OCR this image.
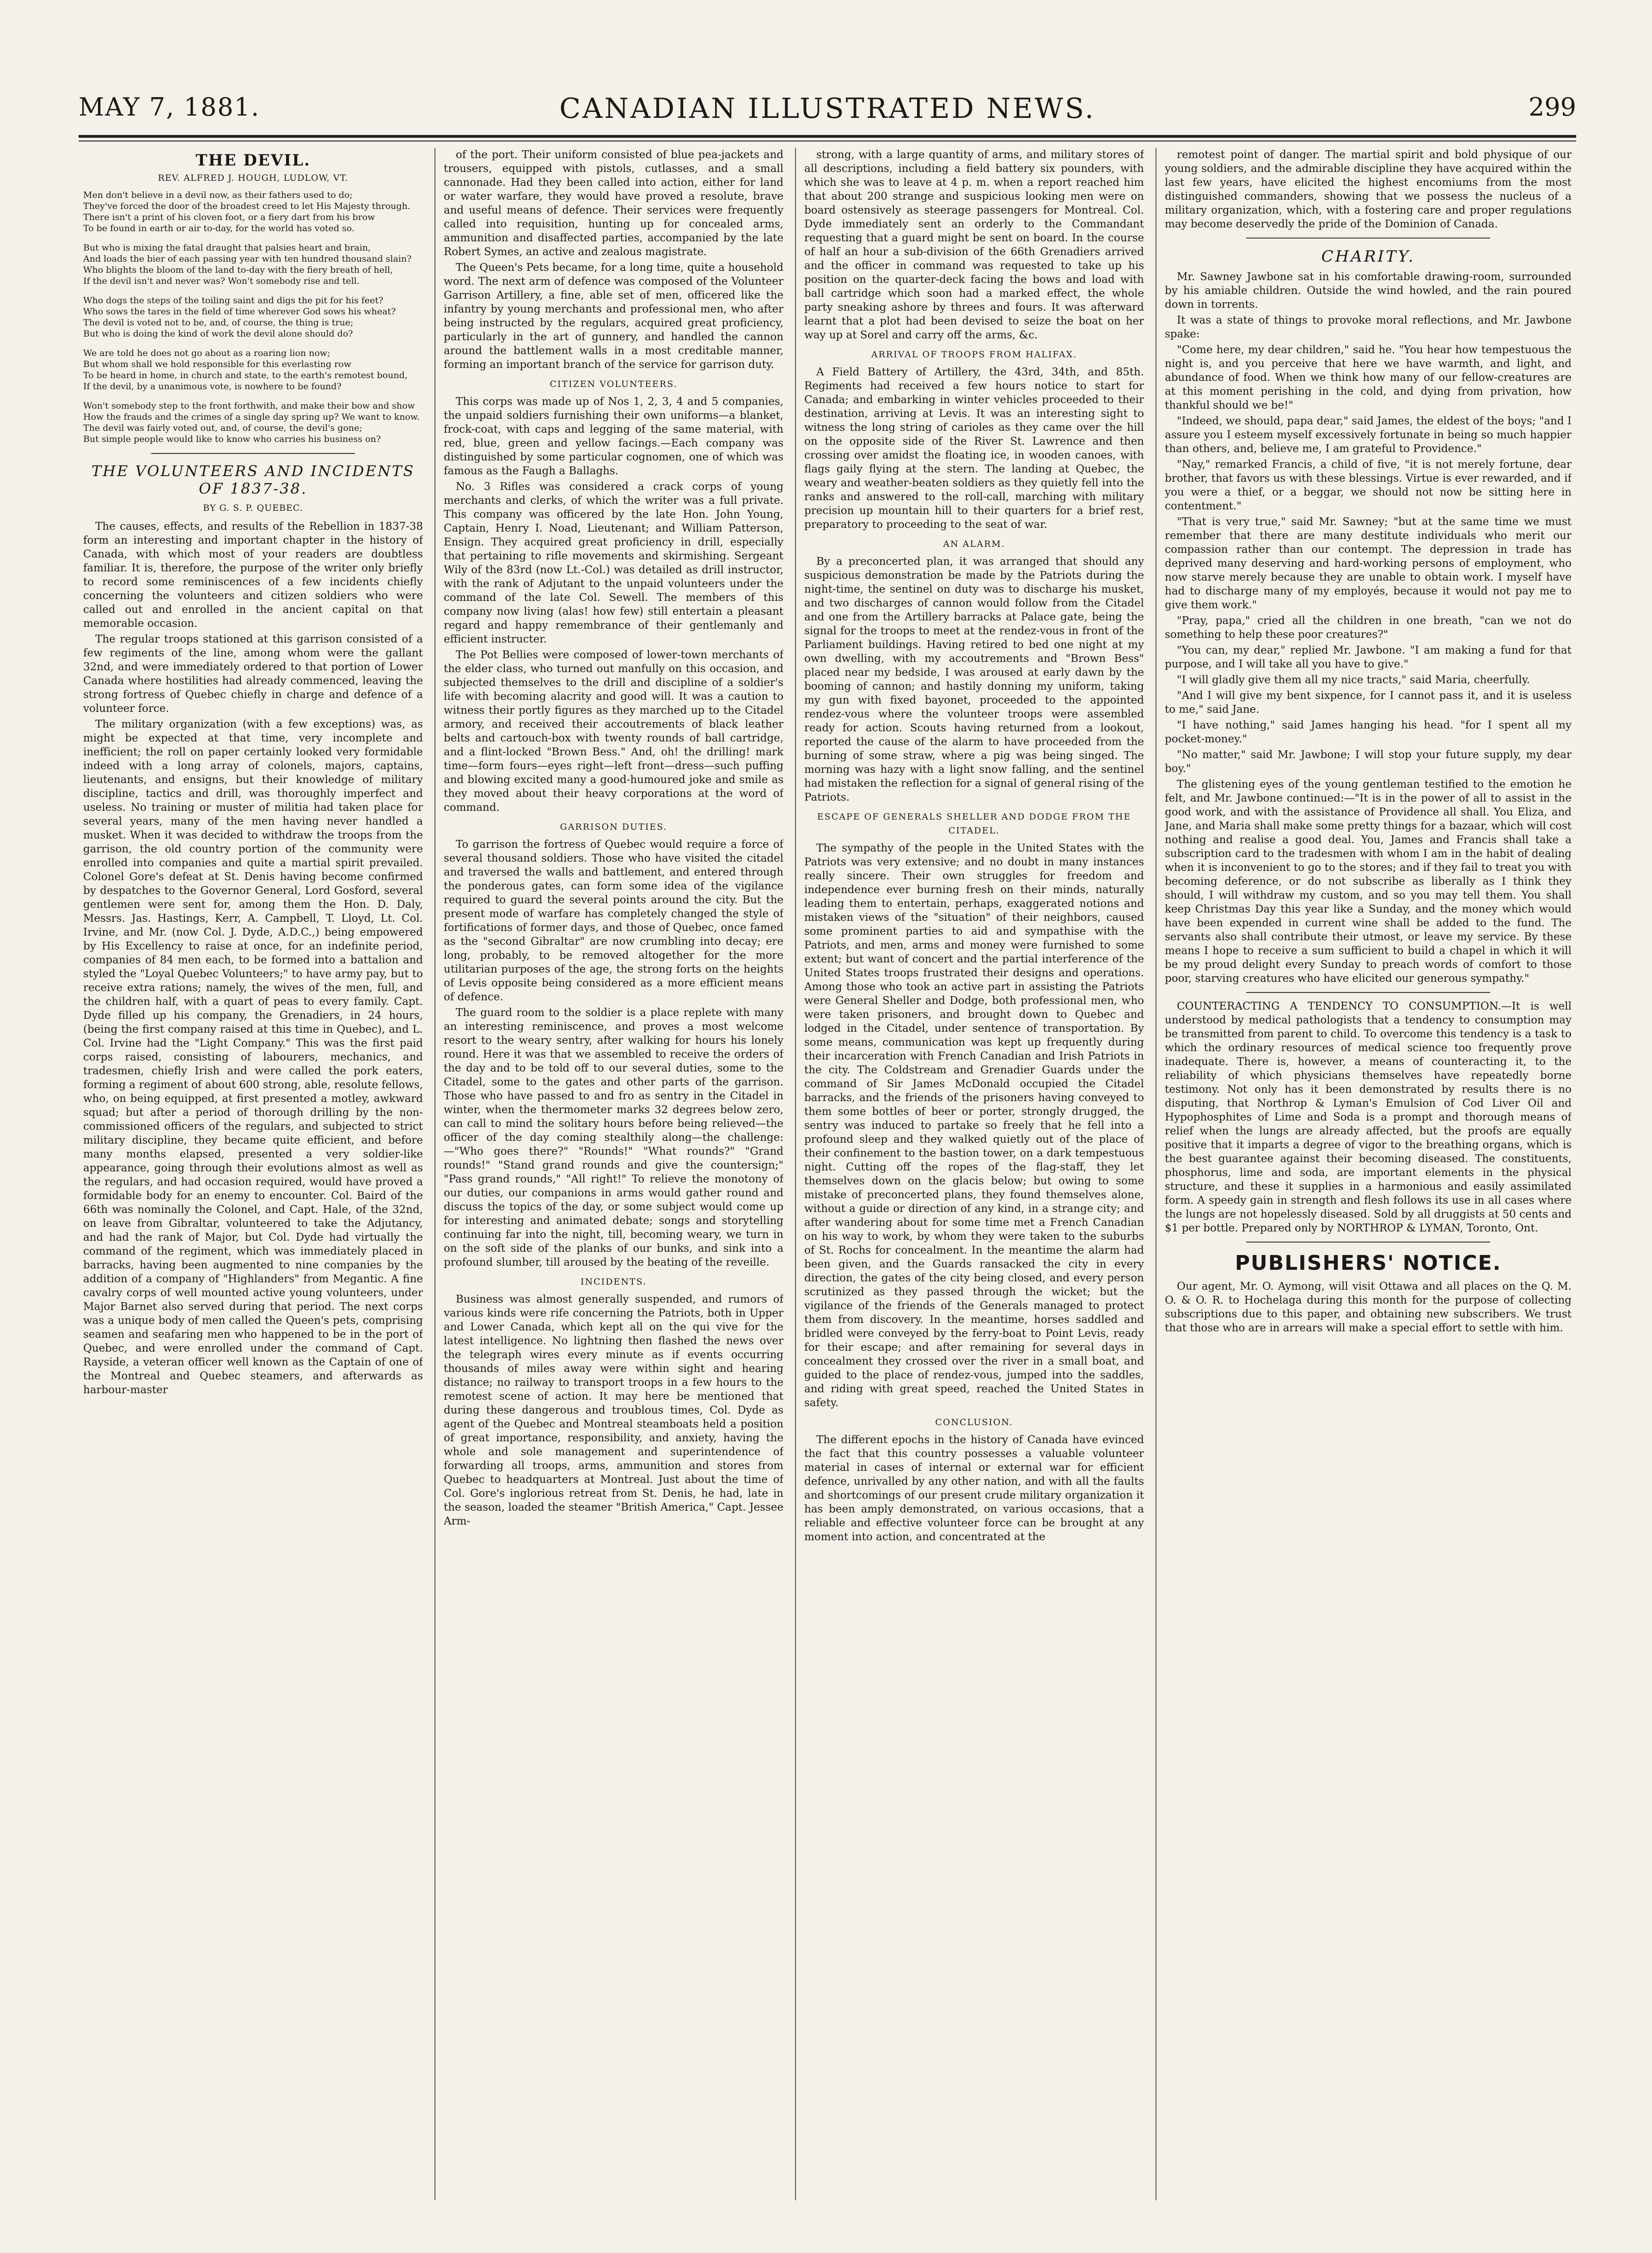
MAY 7, 1881.	CANADIAN ILLUSTRATED NEWS.	299
THE DEVIL.
REV. ALFRED J. HOUGH, LUDLOW, VT.
Men don't believe in a devil now, as their fathers used to do;
They've forced the door of the broadest creed to let His Majesty through.
There isn't a print of his cloven foot, or a fiery dart from his brow
To be found in earth or air to-day, for the world has voted so.
But who is mixing the fatal draught that palsies heart and brain,
And loads the bier of each passing year with ten hundred thousand slain?
Who blights the bloom of the land to-day with the fiery breath of hell,
If the devil isn't and never was? Won't somebody rise and tell.
Who dogs the steps of the toiling saint and digs the pit for his feet?
Who sows the tares in the field of time wherever God sows his wheat?
The devil is voted not to be, and, of course, the thing is true;
But who is doing the kind of work the devil alone should do?
We are told he does not go about as a roaring lion now;
But whom shall we hold responsible for this everlasting row
To be heard in home, in church and state, to the earth's remotest bound,
If the devil, by a unanimous vote, is nowhere to be found?
Won't somebody step to the front forthwith, and make their bow and show
How the frauds and the crimes of a single day spring up? We want to know.
The devil was fairly voted out, and, of course, the devil's gone;
But simple people would like to know who carries his business on?
THE VOLUNTEERS AND INCIDENTS OF 1837-38.
BY G. S. P. QUEBEC.

The causes, effects, and results of the Rebellion in 1837-38 form an interesting and important chapter in the history of Canada, with which most of your readers are doubtless familiar. It is, therefore, the purpose of the writer only briefly to record some reminiscences of a few incidents chiefly concerning the volunteers and citizen soldiers who were called out and enrolled in the ancient capital on that memorable occasion.

The regular troops stationed at this garrison consisted of a few regiments of the line, among whom were the gallant 32nd, and were immediately ordered to that portion of Lower Canada where hostilities had already commenced, leaving the strong fortress of Quebec chiefly in charge and defence of a volunteer force.

The military organization (with a few exceptions) was, as might be expected at that time, very incomplete and inefficient; the roll on paper certainly looked very formidable indeed with a long array of colonels, majors, captains, lieutenants, and ensigns, but their knowledge of military discipline, tactics and drill, was thoroughly imperfect and useless. No training or muster of militia had taken place for several years, many of the men having never handled a musket. When it was decided to withdraw the troops from the garrison, the old country portion of the community were enrolled into companies and quite a martial spirit prevailed. Colonel Gore's defeat at St. Denis having become confirmed by despatches to the Governor General, Lord Gosford, several gentlemen were sent for, among them the Hon. D. Daly, Messrs. Jas. Hastings, Kerr, A. Campbell, T. Lloyd, Lt. Col. Irvine, and Mr. (now Col. J. Dyde, A.D.C.,) being empowered by His Excellency to raise at once, for an indefinite period, companies of 84 men each, to be formed into a battalion and styled the "Loyal Quebec Volunteers;" to have army pay, but to receive extra rations; namely, the wives of the men, full, and the children half, with a quart of peas to every family. Capt. Dyde filled up his company, the Grenadiers, in 24 hours, (being the first company raised at this time in Quebec), and L. Col. Irvine had the "Light Company." This was the first paid corps raised, consisting of labourers, mechanics, and tradesmen, chiefly Irish and were called the pork eaters, forming a regiment of about 600 strong, able, resolute fellows, who, on being equipped, at first presented a motley, awkward squad; but after a period of thorough drilling by the non-commissioned officers of the regulars, and subjected to strict military discipline, they became quite efficient, and before many months elapsed, presented a very soldier-like appearance, going through their evolutions almost as well as the regulars, and had occasion required, would have proved a formidable body for an enemy to encounter. Col. Baird of the 66th was nominally the Colonel, and Capt. Hale, of the 32nd, on leave from Gibraltar, volunteered to take the Adjutancy, and had the rank of Major, but Col. Dyde had virtually the command of the regiment, which was immediately placed in barracks, having been augmented to nine companies by the addition of a company of "Highlanders" from Megantic. A fine cavalry corps of well mounted active young volunteers, under Major Barnet also served during that period. The next corps was a unique body of men called the Queen's pets, comprising seamen and seafaring men who happened to be in the port of Quebec, and were enrolled under the command of Capt. Rayside, a veteran officer well known as the Captain of one of the Montreal and Quebec steamers, and afterwards as harbour-master

of the port. Their uniform consisted of blue pea-jackets and trousers, equipped with pistols, cutlasses, and a small cannonade. Had they been called into action, either for land or water warfare, they would have proved a resolute, brave and useful means of defence. Their services were frequently called into requisition, hunting up for concealed arms, ammunition and disaffected parties, accompanied by the late Robert Symes, an active and zealous magistrate.

The Queen's Pets became, for a long time, quite a household word. The next arm of defence was composed of the Volunteer Garrison Artillery, a fine, able set of men, officered like the infantry by young merchants and professional men, who after being instructed by the regulars, acquired great proficiency, particularly in the art of gunnery, and handled the cannon around the battlement walls in a most creditable manner, forming an important branch of the service for garrison duty.

CITIZEN VOLUNTEERS.

This corps was made up of Nos 1, 2, 3, 4 and 5 companies, the unpaid soldiers furnishing their own uniforms—a blanket, frock-coat, with caps and legging of the same material, with red, blue, green and yellow facings.—Each company was distinguished by some particular cognomen, one of which was famous as the Faugh a Ballaghs.

No. 3 Rifles was considered a crack corps of young merchants and clerks, of which the writer was a full private. This company was officered by the late Hon. John Young, Captain, Henry I. Noad, Lieutenant; and William Patterson, Ensign. They acquired great proficiency in drill, especially that pertaining to rifle movements and skirmishing. Sergeant Wily of the 83rd (now Lt.-Col.) was detailed as drill instructor, with the rank of Adjutant to the unpaid volunteers under the command of the late Col. Sewell. The members of this company now living (alas! how few) still entertain a pleasant regard and happy remembrance of their gentlemanly and efficient instructer.

The Pot Bellies were composed of lower-town merchants of the elder class, who turned out manfully on this occasion, and subjected themselves to the drill and discipline of a soldier's life with becoming alacrity and good will. It was a caution to witness their portly figures as they marched up to the Citadel armory, and received their accoutrements of black leather belts and cartouch-box with twenty rounds of ball cartridge, and a flint-locked "Brown Bess." And, oh! the drilling! mark time—form fours—eyes right—left front—dress—such puffing and blowing excited many a good-humoured joke and smile as they moved about their heavy corporations at the word of command.

GARRISON DUTIES.

To garrison the fortress of Quebec would require a force of several thousand soldiers. Those who have visited the citadel and traversed the walls and battlement, and entered through the ponderous gates, can form some idea of the vigilance required to guard the several points around the city. But the present mode of warfare has completely changed the style of fortifications of former days, and those of Quebec, once famed as the "second Gibraltar" are now crumbling into decay; ere long, probably, to be removed altogether for the more utilitarian purposes of the age, the strong forts on the heights of Levis opposite being considered as a more efficient means of defence.

The guard room to the soldier is a place replete with many an interesting reminiscence, and proves a most welcome resort to the weary sentry, after walking for hours his lonely round. Here it was that we assembled to receive the orders of the day and to be told off to our several duties, some to the Citadel, some to the gates and other parts of the garrison. Those who have passed to and fro as sentry in the Citadel in winter, when the thermometer marks 32 degrees below zero, can call to mind the solitary hours before being relieved—the officer of the day coming stealthily along—the challenge:—"Who goes there?" "Rounds!" "What rounds?" "Grand rounds!" "Stand grand rounds and give the countersign;" "Pass grand rounds," "All right!" To relieve the monotony of our duties, our companions in arms would gather round and discuss the topics of the day, or some subject would come up for interesting and animated debate; songs and storytelling continuing far into the night, till, becoming weary, we turn in on the soft side of the planks of our bunks, and sink into a profound slumber, till aroused by the beating of the reveille.

INCIDENTS.

Business was almost generally suspended, and rumors of various kinds were rife concerning the Patriots, both in Upper and Lower Canada, which kept all on the qui vive for the latest intelligence. No lightning then flashed the news over the telegraph wires every minute as if events occurring thousands of miles away were within sight and hearing distance; no railway to transport troops in a few hours to the remotest scene of action. It may here be mentioned that during these dangerous and troublous times, Col. Dyde as agent of the Quebec and Montreal steamboats held a position of great importance, responsibility, and anxiety, having the whole and sole management and superintendence of forwarding all troops, arms, ammunition and stores from Quebec to headquarters at Montreal. Just about the time of Col. Gore's inglorious retreat from St. Denis, he had, late in the season, loaded the steamer "British America," Capt. Jessee Arm-

strong, with a large quantity of arms, and military stores of all descriptions, including a field battery six pounders, with which she was to leave at 4 p. m. when a report reached him that about 200 strange and suspicious looking men were on board ostensively as steerage passengers for Montreal. Col. Dyde immediately sent an orderly to the Commandant requesting that a guard might be sent on board. In the course of half an hour a sub-division of the 66th Grenadiers arrived and the officer in command was requested to take up his position on the quarter-deck facing the bows and load with ball cartridge which soon had a marked effect, the whole party sneaking ashore by threes and fours. It was afterward learnt that a plot had been devised to seize the boat on her way up at Sorel and carry off the arms, &c.

ARRIVAL OF TROOPS FROM HALIFAX.

A Field Battery of Artillery, the 43rd, 34th, and 85th. Regiments had received a few hours notice to start for Canada; and embarking in winter vehicles proceeded to their destination, arriving at Levis. It was an interesting sight to witness the long string of carioles as they came over the hill on the opposite side of the River St. Lawrence and then crossing over amidst the floating ice, in wooden canoes, with flags gaily flying at the stern. The landing at Quebec, the weary and weather-beaten soldiers as they quietly fell into the ranks and answered to the roll-call, marching with military precision up mountain hill to their quarters for a brief rest, preparatory to proceeding to the seat of war.

AN ALARM.

By a preconcerted plan, it was arranged that should any suspicious demonstration be made by the Patriots during the night-time, the sentinel on duty was to discharge his musket, and two discharges of cannon would follow from the Citadel and one from the Artillery barracks at Palace gate, being the signal for the troops to meet at the rendez-vous in front of the Parliament buildings. Having retired to bed one night at my own dwelling, with my accoutrements and "Brown Bess" placed near my bedside, I was aroused at early dawn by the booming of cannon; and hastily donning my uniform, taking my gun with fixed bayonet, proceeded to the appointed rendez-vous where the volunteer troops were assembled ready for action. Scouts having returned from a lookout, reported the cause of the alarm to have proceeded from the burning of some straw, where a pig was being singed. The morning was hazy with a light snow falling, and the sentinel had mistaken the reflection for a signal of general rising of the Patriots.

ESCAPE OF GENERALS SHELLER AND DODGE FROM THE CITADEL.

The sympathy of the people in the United States with the Patriots was very extensive; and no doubt in many instances really sincere. Their own struggles for freedom and independence ever burning fresh on their minds, naturally leading them to entertain, perhaps, exaggerated notions and mistaken views of the "situation" of their neighbors, caused some prominent parties to aid and sympathise with the Patriots, and men, arms and money were furnished to some extent; but want of concert and the partial interference of the United States troops frustrated their designs and operations. Among those who took an active part in assisting the Patriots were General Sheller and Dodge, both professional men, who were taken prisoners, and brought down to Quebec and lodged in the Citadel, under sentence of transportation. By some means, communication was kept up frequently during their incarceration with French Canadian and Irish Patriots in the city. The Coldstream and Grenadier Guards under the command of Sir James McDonald occupied the Citadel barracks, and the friends of the prisoners having conveyed to them some bottles of beer or porter, strongly drugged, the sentry was induced to partake so freely that he fell into a profound sleep and they walked quietly out of the place of their confinement to the bastion tower, on a dark tempestuous night. Cutting off the ropes of the flag-staff, they let themselves down on the glacis below; but owing to some mistake of preconcerted plans, they found themselves alone, without a guide or direction of any kind, in a strange city; and after wandering about for some time met a French Canadian on his way to work, by whom they were taken to the suburbs of St. Rochs for concealment. In the meantime the alarm had been given, and the Guards ransacked the city in every direction, the gates of the city being closed, and every person scrutinized as they passed through the wicket; but the vigilance of the friends of the Generals managed to protect them from discovery. In the meantime, horses saddled and bridled were conveyed by the ferry-boat to Point Levis, ready for their escape; and after remaining for several days in concealment they crossed over the river in a small boat, and guided to the place of rendez-vous, jumped into the saddles, and riding with great speed, reached the United States in safety.

CONCLUSION.

The different epochs in the history of Canada have evinced the fact that this country possesses a valuable volunteer material in cases of internal or external war for efficient defence, unrivalled by any other nation, and with all the faults and shortcomings of our present crude military organization it has been amply demonstrated, on various occasions, that a reliable and effective volunteer force can be brought at any moment into action, and concentrated at the

remotest point of danger. The martial spirit and bold physique of our young soldiers, and the admirable discipline they have acquired within the last few years, have elicited the highest encomiums from the most distinguished commanders, showing that we possess the nucleus of a military organization, which, with a fostering care and proper regulations may become deservedly the pride of the Dominion of Canada.

CHARITY.

Mr. Sawney Jawbone sat in his comfortable drawing-room, surrounded by his amiable children. Outside the wind howled, and the rain poured down in torrents.

It was a state of things to provoke moral reflections, and Mr. Jawbone spake:

"Come here, my dear children," said he. "You hear how tempestuous the night is, and you perceive that here we have warmth, and light, and abundance of food. When we think how many of our fellow-creatures are at this moment perishing in the cold, and dying from privation, how thankful should we be!"

"Indeed, we should, papa dear," said James, the eldest of the boys; "and I assure you I esteem myself excessively fortunate in being so much happier than others, and, believe me, I am grateful to Providence."

"Nay," remarked Francis, a child of five, "it is not merely fortune, dear brother, that favors us with these blessings. Virtue is ever rewarded, and if you were a thief, or a beggar, we should not now be sitting here in contentment."

"That is very true," said Mr. Sawney; "but at the same time we must remember that there are many destitute individuals who merit our compassion rather than our contempt. The depression in trade has deprived many deserving and hard-working persons of employment, who now starve merely because they are unable to obtain work. I myself have had to discharge many of my employés, because it would not pay me to give them work."

"Pray, papa," cried all the children in one breath, "can we not do something to help these poor creatures?"

"You can, my dear," replied Mr. Jawbone. "I am making a fund for that purpose, and I will take all you have to give."

"I will gladly give them all my nice tracts," said Maria, cheerfully.

"And I will give my bent sixpence, for I cannot pass it, and it is useless to me," said Jane.

"I have nothing," said James hanging his head. "for I spent all my pocket-money."

"No matter," said Mr. Jawbone; I will stop your future supply, my dear boy."

The glistening eyes of the young gentleman testified to the emotion he felt, and Mr. Jawbone continued:—"It is in the power of all to assist in the good work, and with the assistance of Providence all shall. You Eliza, and Jane, and Maria shall make some pretty things for a bazaar, which will cost nothing and realise a good deal. You, James and Francis shall take a subscription card to the tradesmen with whom I am in the habit of dealing when it is inconvenient to go to the stores; and if they fail to treat you with becoming deference, or do not subscribe as liberally as I think they should, I will withdraw my custom, and so you may tell them. You shall keep Christmas Day this year like a Sunday, and the money which would have been expended in current wine shall be added to the fund. The servants also shall contribute their utmost, or leave my service. By these means I hope to receive a sum sufficient to build a chapel in which it will be my proud delight every Sunday to preach words of comfort to those poor, starving creatures who have elicited our generous sympathy."

COUNTERACTING A TENDENCY TO CONSUMPTION.—It is well understood by medical pathologists that a tendency to consumption may be transmitted from parent to child. To overcome this tendency is a task to which the ordinary resources of medical science too frequently prove inadequate. There is, however, a means of counteracting it, to the reliability of which physicians themselves have repeatedly borne testimony. Not only has it been demonstrated by results there is no disputing, that Northrop & Lyman's Emulsion of Cod Liver Oil and Hypophosphites of Lime and Soda is a prompt and thorough means of relief when the lungs are already affected, but the proofs are equally positive that it imparts a degree of vigor to the breathing organs, which is the best guarantee against their becoming diseased. The constituents, phosphorus, lime and soda, are important elements in the physical structure, and these it supplies in a harmonious and easily assimilated form. A speedy gain in strength and flesh follows its use in all cases where the lungs are not hopelessly diseased. Sold by all druggists at 50 cents and $1 per bottle. Prepared only by NORTHROP & LYMAN, Toronto, Ont.

PUBLISHERS' NOTICE.

Our agent, Mr. O. Aymong, will visit Ottawa and all places on the Q. M. O. & O. R. to Hochelaga during this month for the purpose of collecting subscriptions due to this paper, and obtaining new subscribers. We trust that those who are in arrears will make a special effort to settle with him.
